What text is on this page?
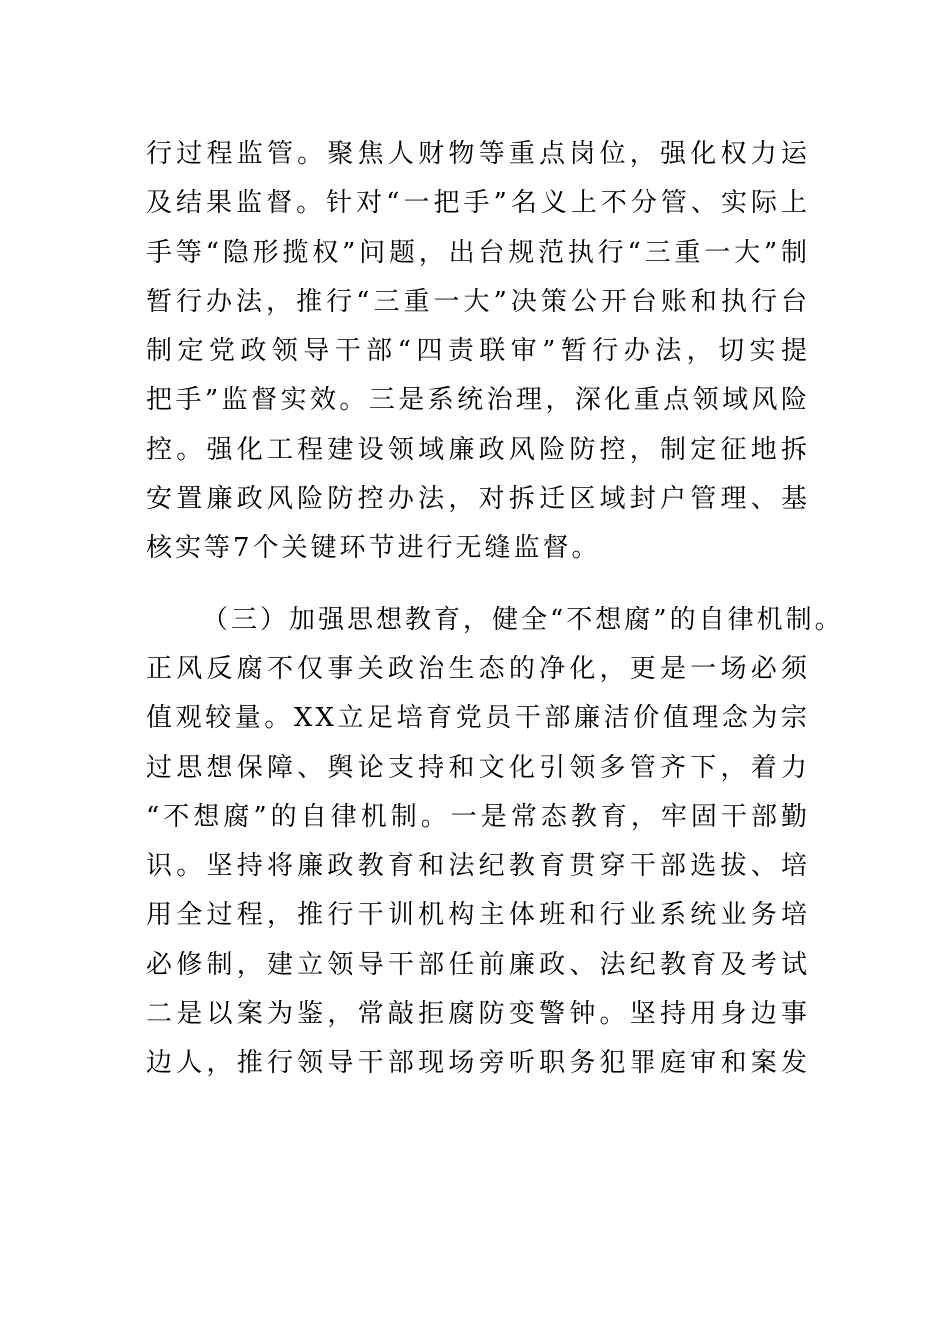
行过程监管。聚焦人财物等重点岗位，强化权力运
及结果监督。针对“一把手”名义上不分管、实际上
手等“隐形揽权”问题，出台规范执行“三重一大”制
暂行办法，推行“三重一大”决策公开台账和执行台
制定党政领导干部“四责联审”暂行办法，切实提
把手”监督实效。三是系统治理，深化重点领域风险
控。强化工程建设领域廉政风险防控，制定征地拆
安置廉政风险防控办法，对拆迁区域封户管理、基
核实等7个关键环节进行无缝监督。
（三）加强思想教育，健全“不想腐”的自律机制。
正风反腐不仅事关政治生态的净化，更是一场必须
值观较量。XX立足培育党员干部廉洁价值理念为宗
过思想保障、舆论支持和文化引领多管齐下，着力
“不想腐”的自律机制。一是常态教育，牢固干部勤
识。坚持将廉政教育和法纪教育贯穿干部选拔、培
用全过程，推行干训机构主体班和行业系统业务培
必修制，建立领导干部任前廉政、法纪教育及考试
二是以案为鉴，常敲拒腐防变警钟。坚持用身边事
边人，推行领导干部现场旁听职务犯罪庭审和案发
